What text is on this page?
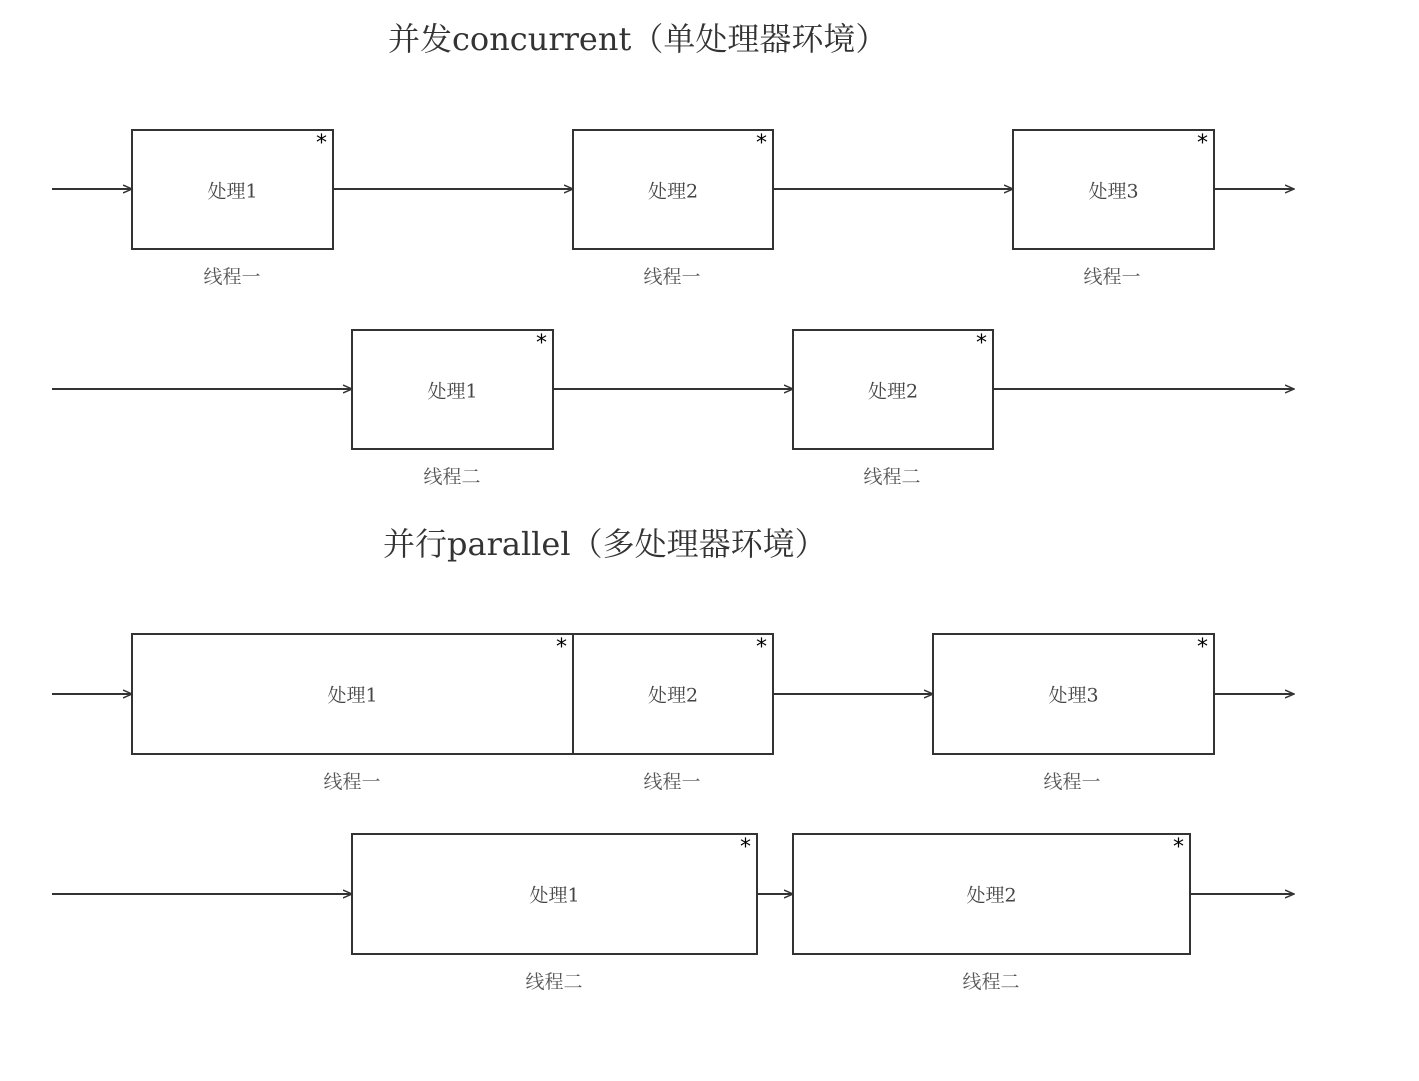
并发concurrent（单处理器环境）
并行parallel（多处理器环境）
*
处理1
线程一
*
处理2
线程一
*
处理3
线程一
*
处理1
线程二
*
处理2
线程二
*
处理1
线程一
*
处理2
线程一
*
处理3
线程一
*
处理1
线程二
*
处理2
线程二
